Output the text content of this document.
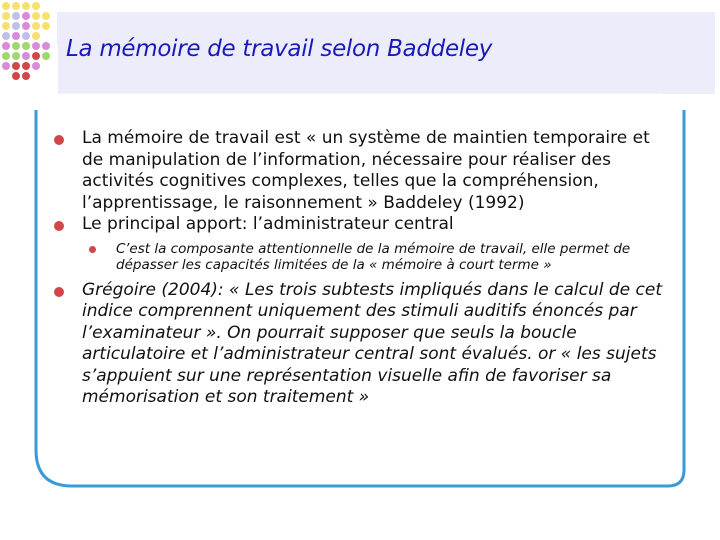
La mémoire de travail selon Baddeley

La mémoire de travail est « un système de maintien temporaire et de manipulation de l’information, nécessaire pour réaliser des activités cognitives complexes, telles que la compréhension, l’apprentissage, le raisonnement » Baddeley (1992)

Le principal apport: l’administrateur central

C’est la composante attentionnelle de la mémoire de travail, elle permet de dépasser les capacités limitées de la « mémoire à court terme »

Grégoire (2004): « Les trois subtests impliqués dans le calcul de cet indice comprennent uniquement des stimuli auditifs énoncés par l’examinateur ». On pourrait supposer que seuls la boucle articulatoire et l’administrateur central sont évalués. or « les sujets s’appuient sur une représentation visuelle afin de favoriser sa mémorisation et son traitement »
